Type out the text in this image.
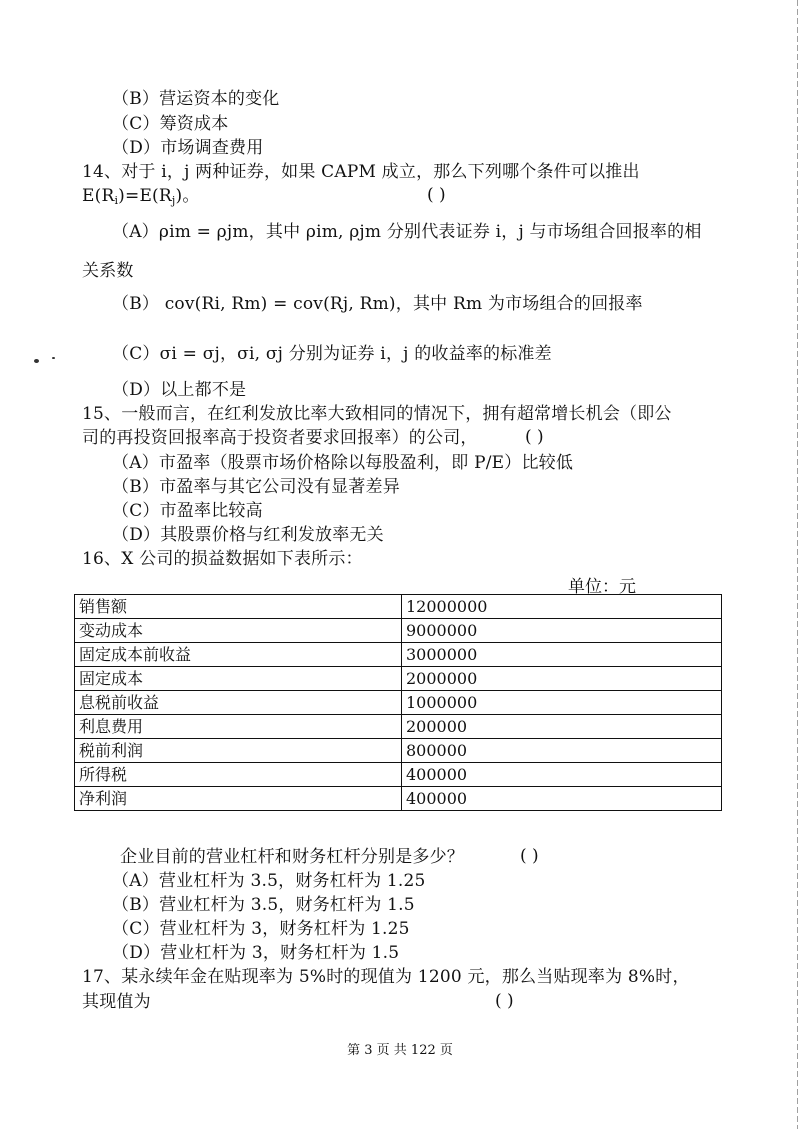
（B）营运资本的变化
（C）筹资成本
（D）市场调查费用
14、对于 i，j 两种证券，如果 CAPM 成立，那么下列哪个条件可以推出
$E(R_i)=E(R_j)$。	( )
（A）ρim = ρjm，其中 ρim, ρjm 分别代表证券 i，j 与市场组合回报率的相
关系数
（B） cov(Ri, Rm) = cov(Rj, Rm)，其中 Rm 为市场组合的回报率
（C）σi = σj，σi, σj 分别为证券 i，j 的收益率的标准差
（D）以上都不是
15、一般而言，在红利发放比率大致相同的情况下，拥有超常增长机会（即公
司的再投资回报率高于投资者要求回报率）的公司，	( )
（A）市盈率（股票市场价格除以每股盈利，即 P/E）比较低
（B）市盈率与其它公司没有显著差异
（C）市盈率比较高
（D）其股票价格与红利发放率无关
16、X 公司的损益数据如下表所示：
单位：元
销售额	12000000
变动成本	9000000
固定成本前收益	3000000
固定成本	2000000
息税前收益	1000000
利息费用	200000
税前利润	800000
所得税	400000
净利润	400000
企业目前的营业杠杆和财务杠杆分别是多少？	( )
（A）营业杠杆为 3.5，财务杠杆为 1.25
（B）营业杠杆为 3.5，财务杠杆为 1.5
（C）营业杠杆为 3，财务杠杆为 1.25
（D）营业杠杆为 3，财务杠杆为 1.5
17、某永续年金在贴现率为 5%时的现值为 1200 元，那么当贴现率为 8%时，
其现值为	( )
第 3 页 共 122 页
